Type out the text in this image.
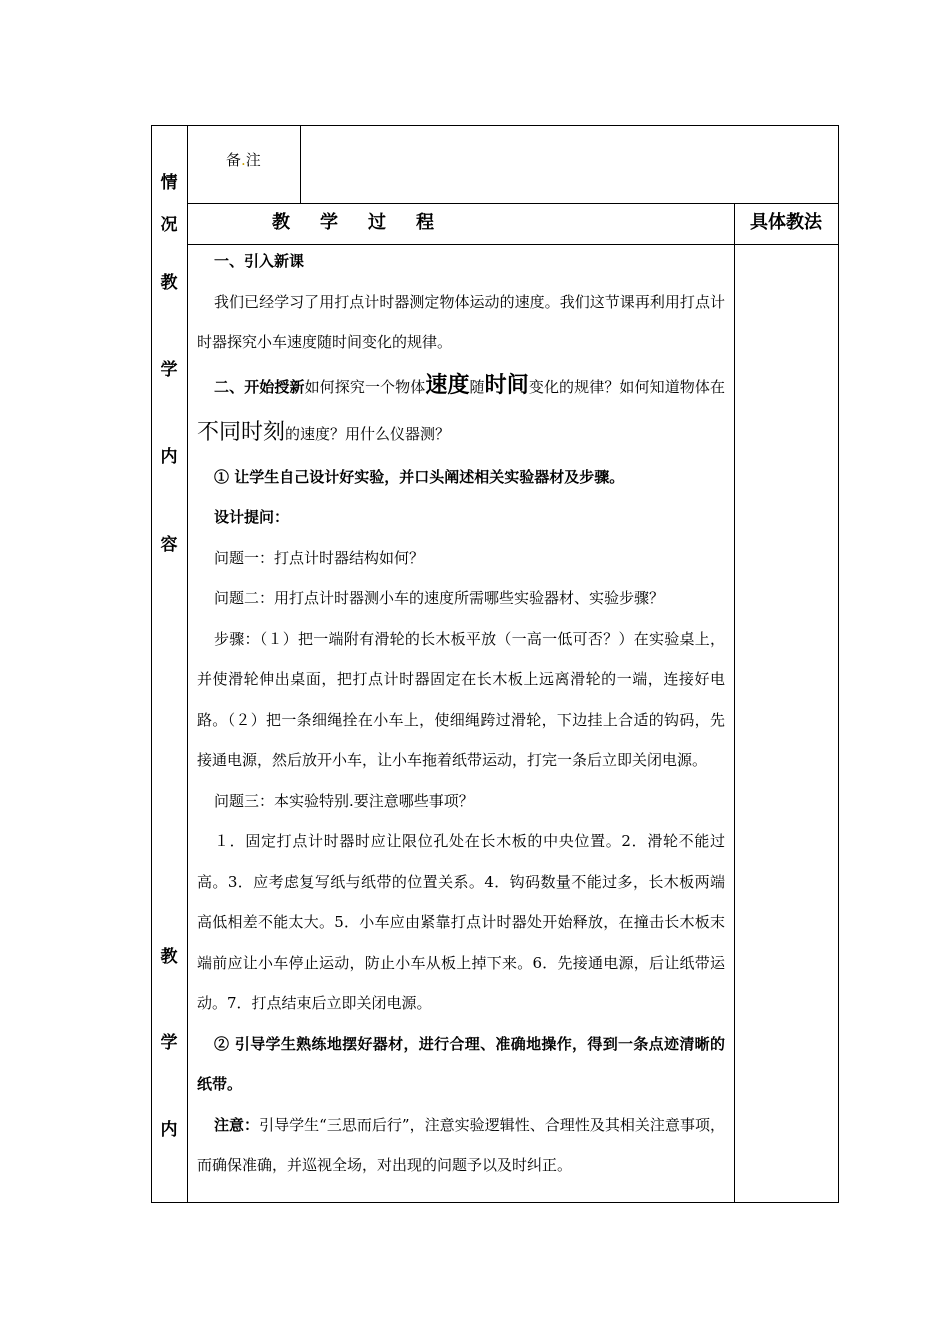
情
况
教
学
内
容
教
学
内
备.注
教　学　过　程	具体教法

一、引入新课

我们已经学习了用打点计时器测定物体运动的速度。我们这节课再利用打点计时器探究小车速度随时间变化的规律。

二、开始授新如何探究一个物体速度随时间变化的规律？如何知道物体在不同时刻的速度？用什么仪器测？

① 让学生自己设计好实验，并口头阐述相关实验器材及步骤。

设计提问：

问题一：打点计时器结构如何？

问题二：用打点计时器测小车的速度所需哪些实验器材、实验步骤？

步骤：（１）把一端附有滑轮的长木板平放（一高一低可否？）在实验桌上，并使滑轮伸出桌面，把打点计时器固定在长木板上远离滑轮的一端，连接好电路。（２）把一条细绳拴在小车上，使细绳跨过滑轮，下边挂上合适的钩码，先接通电源，然后放开小车，让小车拖着纸带运动，打完一条后立即关闭电源。

问题三：本实验特别.要注意哪些事项？

１．固定打点计时器时应让限位孔处在长木板的中央位置。2．滑轮不能过高。3．应考虑复写纸与纸带的位置关系。4．钩码数量不能过多，长木板两端高低相差不能太大。5．小车应由紧靠打点计时器处开始释放，在撞击长木板末端前应让小车停止运动，防止小车从板上掉下来。6．先接通电源，后让纸带运动。7．打点结束后立即关闭电源。

② 引导学生熟练地摆好器材，进行合理、准确地操作，得到一条点迹清晰的纸带。

注意：引导学生“三思而后行”，注意实验逻辑性、合理性及其相关注意事项，而确保准确，并巡视全场，对出现的问题予以及时纠正。
